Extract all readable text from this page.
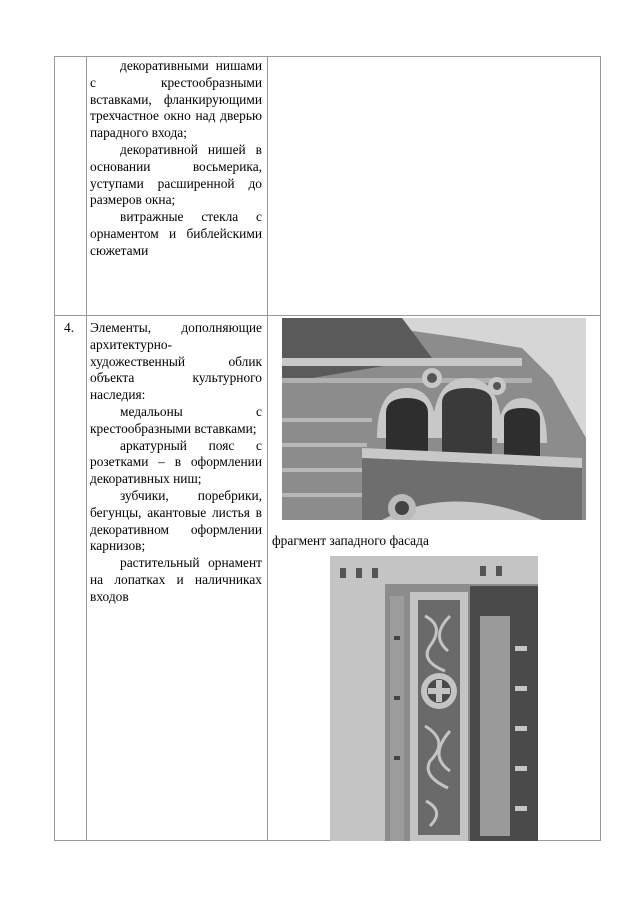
декоративными нишами с крестообразными вставками, фланкирующими трехчастное окно над дверью парадного входа;

декоративной нишей в основании восьмерика, уступами расширенной до размеров окна;

витражные стекла с орнаментом и библейскими сюжетами

4. Элементы, дополняющие архитектурно-художественный облик объекта культурного наследия:

медальоны с крестообразными вставками;

аркатурный пояс с розетками – в оформлении декоративных ниш;

зубчики, поребрики, бегунцы, акантовые листья в декоративном оформлении карнизов;

растительный орнамент на лопатках и наличниках входов

фрагмент западного фасада
